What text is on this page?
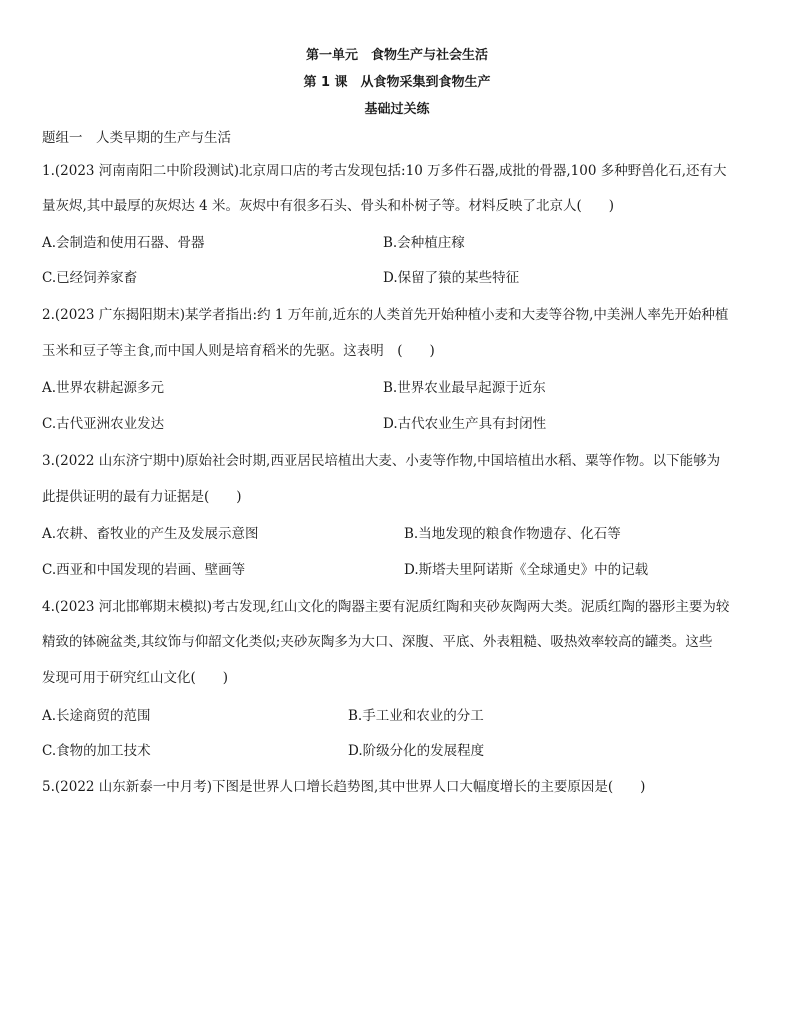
第一单元　食物生产与社会生活
第 1 课　从食物采集到食物生产
基础过关练
题组一　人类早期的生产与生活
1.(2023 河南南阳二中阶段测试)北京周口店的考古发现包括:10 万多件石器,成批的骨器,100 多种野兽化石,还有大
量灰烬,其中最厚的灰烬达 4 米。灰烬中有很多石头、骨头和朴树子等。材料反映了北京人(　　)
A.会制造和使用石器、骨器	B.会种植庄稼
C.已经饲养家畜	D.保留了猿的某些特征
2.(2023 广东揭阳期末)某学者指出:约 1 万年前,近东的人类首先开始种植小麦和大麦等谷物,中美洲人率先开始种植
玉米和豆子等主食,而中国人则是培育稻米的先驱。这表明　(　　)
A.世界农耕起源多元	B.世界农业最早起源于近东
C.古代亚洲农业发达	D.古代农业生产具有封闭性
3.(2022 山东济宁期中)原始社会时期,西亚居民培植出大麦、小麦等作物,中国培植出水稻、粟等作物。以下能够为
此提供证明的最有力证据是(　　)
A.农耕、畜牧业的产生及发展示意图	B.当地发现的粮食作物遗存、化石等
C.西亚和中国发现的岩画、壁画等	D.斯塔夫里阿诺斯《全球通史》中的记载
4.(2023 河北邯郸期末模拟)考古发现,红山文化的陶器主要有泥质红陶和夹砂灰陶两大类。泥质红陶的器形主要为较
精致的钵碗盆类,其纹饰与仰韶文化类似;夹砂灰陶多为大口、深腹、平底、外表粗糙、吸热效率较高的罐类。这些
发现可用于研究红山文化(　　)
A.长途商贸的范围	B.手工业和农业的分工
C.食物的加工技术	D.阶级分化的发展程度
5.(2022 山东新泰一中月考)下图是世界人口增长趋势图,其中世界人口大幅度增长的主要原因是(　　)
